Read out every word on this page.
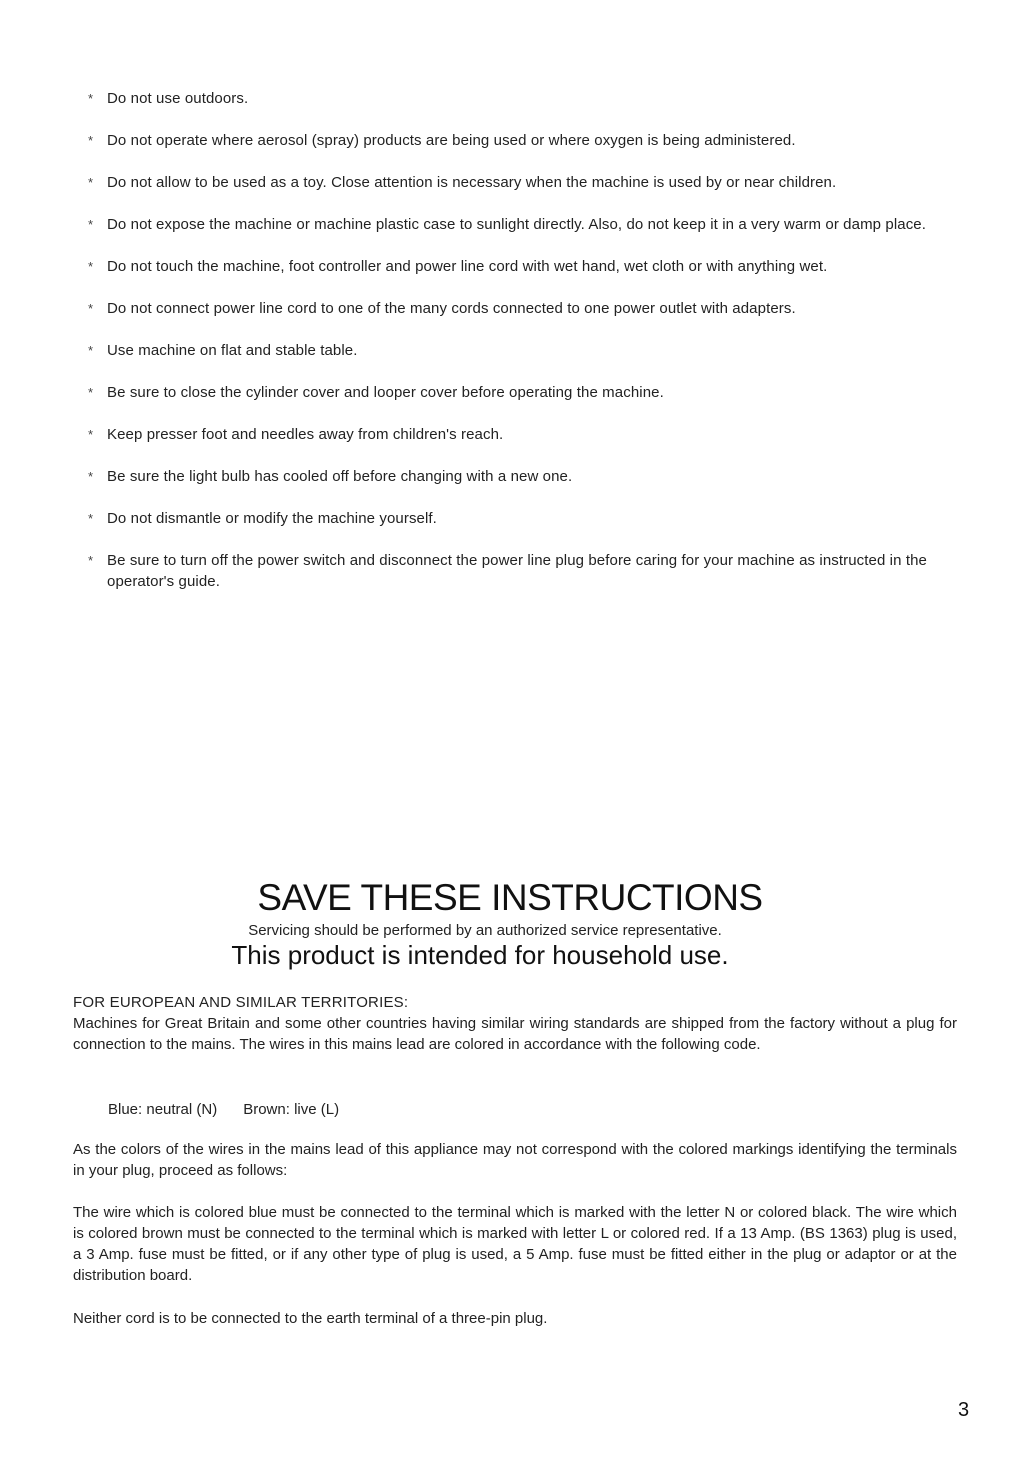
* Do not use outdoors.
* Do not operate where aerosol (spray) products are being used or where oxygen is being administered.
* Do not allow to be used as a toy. Close attention is necessary when the machine is used by or near children.
* Do not expose the machine or machine plastic case to sunlight directly. Also, do not keep it in a very warm or damp place.
* Do not touch the machine, foot controller and power line cord with wet hand, wet cloth or with anything wet.
* Do not connect power line cord to one of the many cords connected to one power outlet with adapters.
* Use machine on flat and stable table.
* Be sure to close the cylinder cover and looper cover before operating the machine.
* Keep presser foot and needles away from children's reach.
* Be sure the light bulb has cooled off before changing with a new one.
* Do not dismantle or modify the machine yourself.
* Be sure to turn off the power switch and disconnect the power line plug before caring for your machine as instructed in the operator's guide.
SAVE THESE INSTRUCTIONS
Servicing should be performed by an authorized service representative.
This product is intended for household use.

FOR EUROPEAN AND SIMILAR TERRITORIES:

Machines for Great Britain and some other countries having similar wiring standards are shipped from the factory without a plug for connection to the mains. The wires in this mains lead are colored in accordance with the following code.

Blue: neutral (N) Brown: live (L)

As the colors of the wires in the mains lead of this appliance may not correspond with the colored markings identifying the terminals in your plug, proceed as follows:

The wire which is colored blue must be connected to the terminal which is marked with the letter N or colored black. The wire which is colored brown must be connected to the terminal which is marked with letter L or colored red. If a 13 Amp. (BS 1363) plug is used, a 3 Amp. fuse must be fitted, or if any other type of plug is used, a 5 Amp. fuse must be fitted either in the plug or adaptor or at the distribution board.

Neither cord is to be connected to the earth terminal of a three-pin plug.

3
